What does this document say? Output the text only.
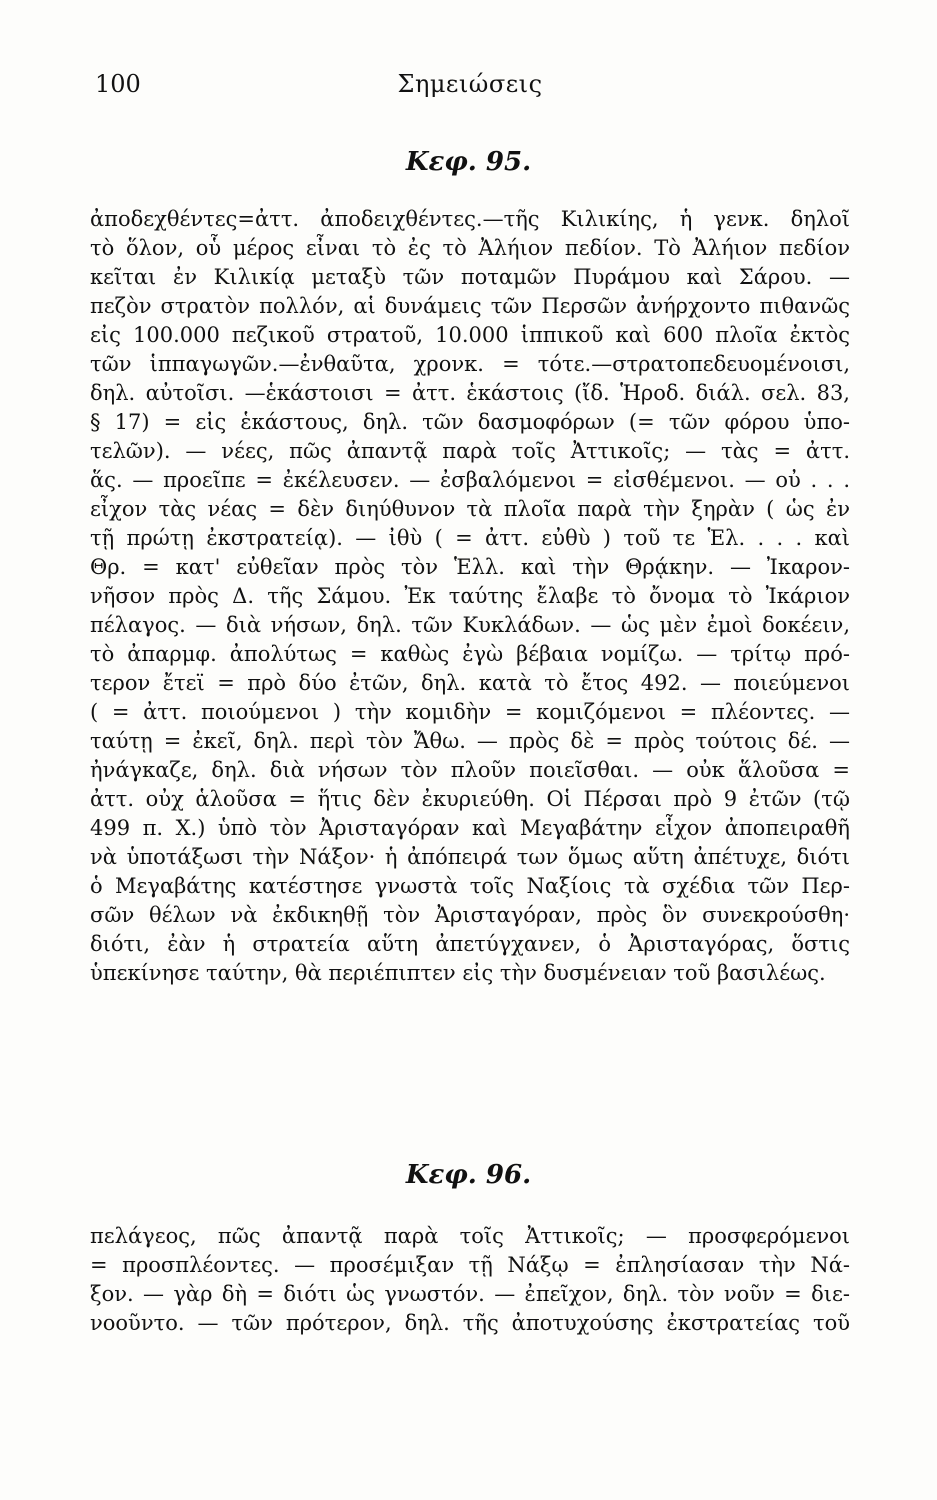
100	Σημειώσεις
Κεφ. 95.
ἀποδεχθέντες=ἀττ. ἀποδειχθέντες.—τῆς Κιλικίης, ἡ γενκ. δηλοῖ
τὸ ὅλον, οὗ μέρος εἶναι τὸ ἐς τὸ Ἀλήιον πεδίον. Τὸ Ἀλήιον πεδίον
κεῖται ἐν Κιλικίᾳ μεταξὺ τῶν ποταμῶν Πυράμου καὶ Σάρου. —
πεζὸν στρατὸν πολλόν, αἱ δυνάμεις τῶν Περσῶν ἀνήρχοντο πιθανῶς
εἰς 100.000 πεζικοῦ στρατοῦ, 10.000 ἱππικοῦ καὶ 600 πλοῖα ἐκτὸς
τῶν ἱππαγωγῶν.—ἐνθαῦτα, χρονκ. = τότε.—στρατοπεδευομένοισι,
δηλ. αὐτοῖσι. —ἑκάστοισι = ἀττ. ἑκάστοις (ἴδ. Ἡροδ. διάλ. σελ. 83,
§ 17) = εἰς ἑκάστους, δηλ. τῶν δασμοφόρων (= τῶν φόρου ὑπο-
τελῶν). — νέες, πῶς ἀπαντᾷ παρὰ τοῖς Ἀττικοῖς; — τὰς = ἀττ.
ἅς. — προεῖπε = ἐκέλευσεν. — ἐσβαλόμενοι = εἰσθέμενοι. — οὐ . . .
εἶχον τὰς νέας = δὲν διηύθυνον τὰ πλοῖα παρὰ τὴν ξηρὰν ( ὡς ἐν
τῇ πρώτῃ ἐκστρατείᾳ). — ἰθὺ ( = ἀττ. εὐθὺ ) τοῦ τε Ἑλ. . . . καὶ
Θρ. = κατ' εὐθεῖαν πρὸς τὸν Ἑλλ. καὶ τὴν Θρᾴκην. — Ἰκαρον-
νῆσον πρὸς Δ. τῆς Σάμου. Ἐκ ταύτης ἔλαβε τὸ ὄνομα τὸ Ἰκάριον
πέλαγος. — διὰ νήσων, δηλ. τῶν Κυκλάδων. — ὡς μὲν ἐμοὶ δοκέειν,
τὸ ἀπαρμφ. ἀπολύτως = καθὼς ἐγὼ βέβαια νομίζω. — τρίτῳ πρό-
τερον ἔτεϊ = πρὸ δύο ἐτῶν, δηλ. κατὰ τὸ ἔτος 492. — ποιεύμενοι
( = ἀττ. ποιούμενοι ) τὴν κομιδὴν = κομιζόμενοι = πλέοντες. —
ταύτῃ = ἐκεῖ, δηλ. περὶ τὸν Ἄθω. — πρὸς δὲ = πρὸς τούτοις δέ. —
ἠνάγκαζε, δηλ. διὰ νήσων τὸν πλοῦν ποιεῖσθαι. — οὐκ ἅλοῦσα =
ἀττ. οὐχ ἁλοῦσα = ἥτις δὲν ἐκυριεύθη. Οἱ Πέρσαι πρὸ 9 ἐτῶν (τῷ
499 π. Χ.) ὑπὸ τὸν Ἀρισταγόραν καὶ Μεγαβάτην εἶχον ἀποπειραθῆ
νὰ ὑποτάξωσι τὴν Νάξον· ἡ ἀπόπειρά των ὅμως αὕτη ἀπέτυχε, διότι
ὁ Μεγαβάτης κατέστησε γνωστὰ τοῖς Ναξίοις τὰ σχέδια τῶν Περ-
σῶν θέλων νὰ ἐκδικηθῇ τὸν Ἀρισταγόραν, πρὸς ὃν συνεκρούσθη·
διότι, ἐὰν ἡ στρατεία αὕτη ἀπετύγχανεν, ὁ Ἀρισταγόρας, ὅστις
ὑπεκίνησε ταύτην, θὰ περιέπιπτεν εἰς τὴν δυσμένειαν τοῦ βασιλέως.
Κεφ. 96.
πελάγεος, πῶς ἀπαντᾷ παρὰ τοῖς Ἀττικοῖς; — προσφερόμενοι
= προσπλέοντες. — προσέμιξαν τῇ Νάξῳ = ἐπλησίασαν τὴν Νά-
ξον. — γὰρ δὴ = διότι ὡς γνωστόν. — ἐπεῖχον, δηλ. τὸν νοῦν = διε-
νοοῦντο. — τῶν πρότερον, δηλ. τῆς ἀποτυχούσης ἐκστρατείας τοῦ
